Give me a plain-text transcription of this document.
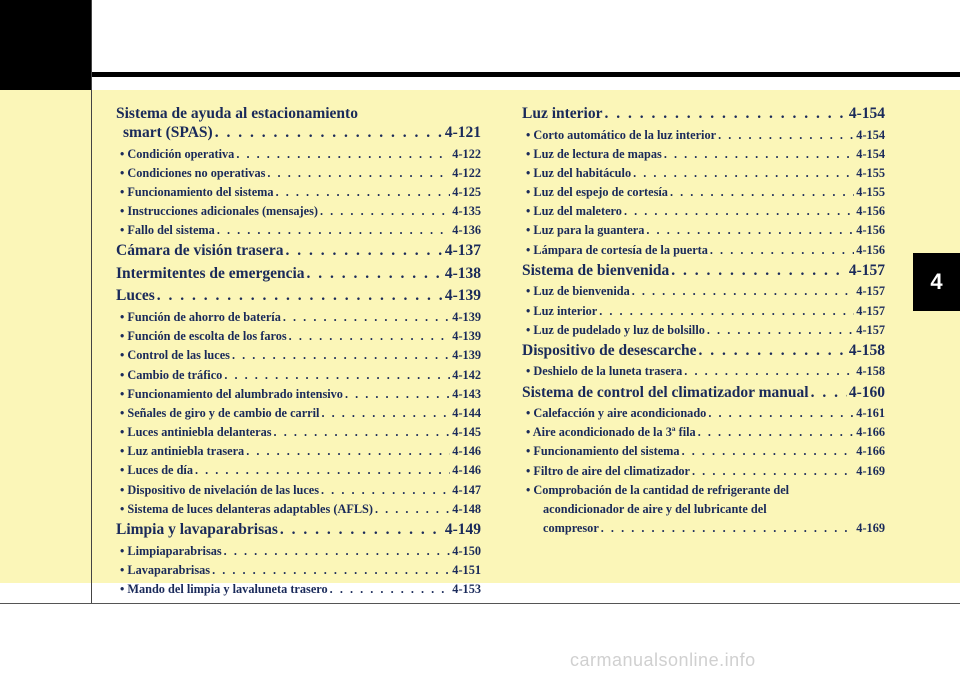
4
Sistema de ayuda al estacionamiento
smart (SPAS) . . .	4-121
• Condición operativa . . .	4-122
• Condiciones no operativas . . .	4-122
• Funcionamiento del sistema . . .	4-125
• Instrucciones adicionales (mensajes) . . .	4-135
• Fallo del sistema . . .	4-136
Cámara de visión trasera . . .	4-137
Intermitentes de emergencia . . .	4-138
Luces . . .	4-139
• Función de ahorro de batería . . .	4-139
• Función de escolta de los faros . . .	4-139
• Control de las luces . . .	4-139
• Cambio de tráfico . . .	4-142
• Funcionamiento del alumbrado intensivo . . .	4-143
• Señales de giro y de cambio de carril . . .	4-144
• Luces antiniebla delanteras . . .	4-145
• Luz antiniebla trasera . . .	4-146
• Luces de día . . .	4-146
• Dispositivo de nivelación de las luces . . .	4-147
• Sistema de luces delanteras adaptables (AFLS) . . .	4-148
Limpia y lavaparabrisas . . .	4-149
• Limpiaparabrisas . . .	4-150
• Lavaparabrisas . . .	4-151
• Mando del limpia y lavaluneta trasero . . .	4-153
Luz interior . . .	4-154
• Corto automático de la luz interior . . .	4-154
• Luz de lectura de mapas . . .	4-154
• Luz del habitáculo . . .	4-155
• Luz del espejo de cortesía . . .	4-155
• Luz del maletero . . .	4-156
• Luz para la guantera . . .	4-156
• Lámpara de cortesía de la puerta . . .	4-156
Sistema de bienvenida . . .	4-157
• Luz de bienvenida . . .	4-157
• Luz interior . . .	4-157
• Luz de pudelado y luz de bolsillo . . .	4-157
Dispositivo de desescarche . . .	4-158
• Deshielo de la luneta trasera . . .	4-158
Sistema de control del climatizador manual . . .	4-160
• Calefacción y aire acondicionado . . .	4-161
• Aire acondicionado de la 3ª fila . . .	4-166
• Funcionamiento del sistema . . .	4-166
• Filtro de aire del climatizador . . .	4-169
• Comprobación de la cantidad de refrigerante del
acondicionador de aire y del lubricante del
compresor . . .	4-169
carmanualsonline.info
